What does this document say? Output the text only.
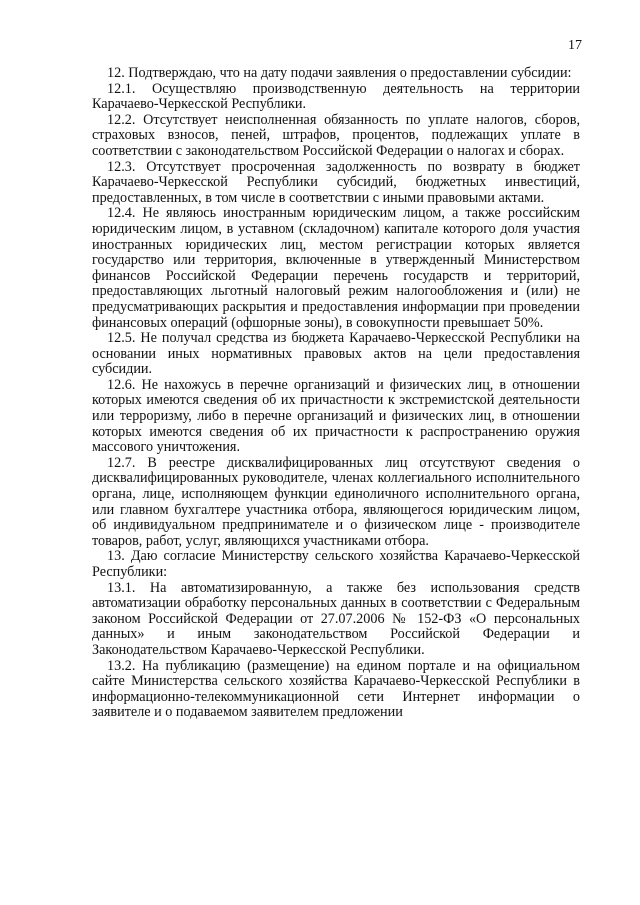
17

12. Подтверждаю, что на дату подачи заявления о предоставлении субсидии:

12.1. Осуществляю производственную деятельность на территории Карачаево-Черкесской Республики.

12.2. Отсутствует неисполненная обязанность по уплате налогов, сборов, страховых взносов, пеней, штрафов, процентов, подлежащих уплате в соответствии с законодательством Российской Федерации о налогах и сборах.

12.3. Отсутствует просроченная задолженность по возврату в бюджет Карачаево-Черкесской Республики субсидий, бюджетных инвестиций, предоставленных, в том числе в соответствии с иными правовыми актами.

12.4. Не являюсь иностранным юридическим лицом, а также российским юридическим лицом, в уставном (складочном) капитале которого доля участия иностранных юридических лиц, местом регистрации которых является государство или территория, включенные в утвержденный Министерством финансов Российской Федерации перечень государств и территорий, предоставляющих льготный налоговый режим налогообложения и (или) не предусматривающих раскрытия и предоставления информации при проведении финансовых операций (офшорные зоны), в совокупности превышает 50%.

12.5. Не получал средства из бюджета Карачаево-Черкесской Республики на основании иных нормативных правовых актов на цели предоставления субсидии.

12.6. Не нахожусь в перечне организаций и физических лиц, в отношении которых имеются сведения об их причастности к экстремистской деятельности или терроризму, либо в перечне организаций и физических лиц, в отношении которых имеются сведения об их причастности к распространению оружия массового уничтожения.

12.7. В реестре дисквалифицированных лиц отсутствуют сведения о дисквалифицированных руководителе, членах коллегиального исполнительного органа, лице, исполняющем функции единоличного исполнительного органа, или главном бухгалтере участника отбора, являющегося юридическим лицом, об индивидуальном предпринимателе и о физическом лице - производителе товаров, работ, услуг, являющихся участниками отбора.

13. Даю согласие Министерству сельского хозяйства Карачаево-Черкесской Республики:

13.1. На автоматизированную, а также без использования средств автоматизации обработку персональных данных в соответствии с Федеральным законом Российской Федерации от 27.07.2006 № 152-ФЗ «О персональных данных» и иным законодательством Российской Федерации и Законодательством Карачаево-Черкесской Республики.

13.2. На публикацию (размещение) на едином портале и на официальном сайте Министерства сельского хозяйства Карачаево-Черкесской Республики в информационно-телекоммуникационной сети Интернет информации о заявителе и о подаваемом заявителем предложении
